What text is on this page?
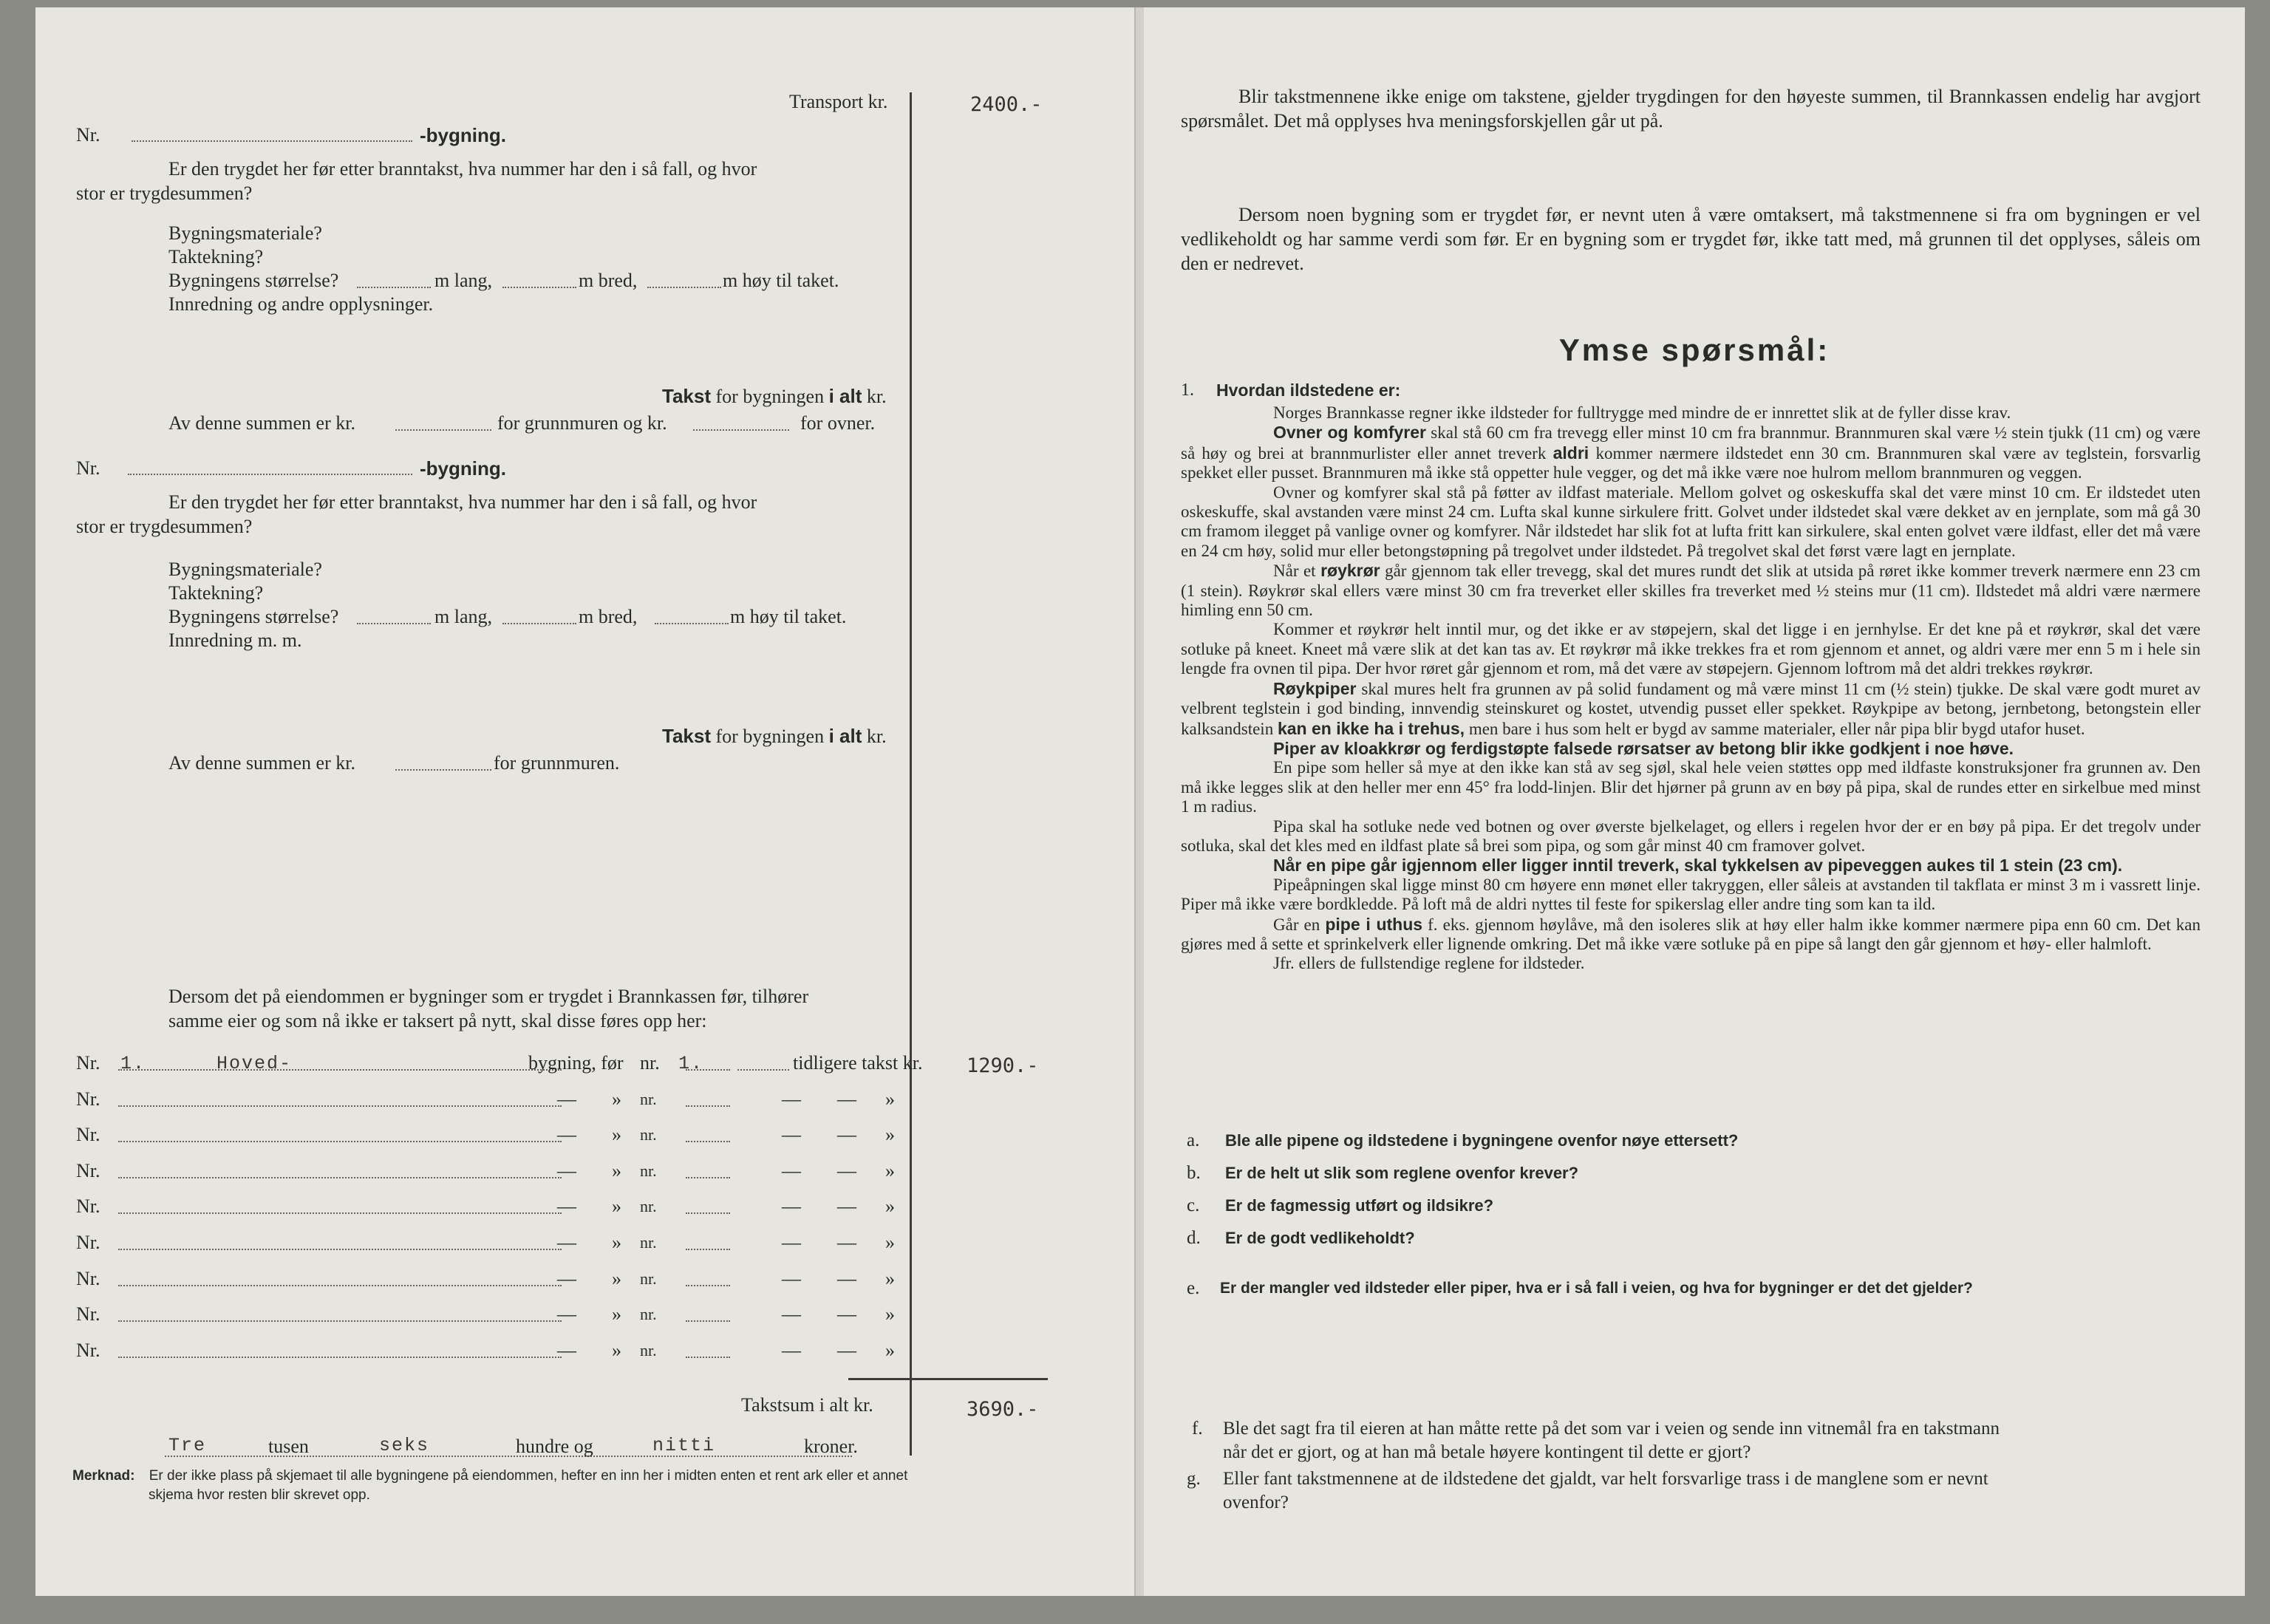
Transport kr.	2400.-
Nr.	-bygning.
Er den trygdet her før etter branntakst, hva nummer har den i så fall, og hvor
stor er trygdesummen?
Bygningsmateriale?
Taktekning?
Bygningens størrelse?	m lang,	m bred,	m høy til taket.
Innredning og andre opplysninger.
Takst for bygningen i alt kr.
Av denne summen er kr.	for grunnmuren og kr.	for ovner.
Nr.	-bygning.
Er den trygdet her før etter branntakst, hva nummer har den i så fall, og hvor
stor er trygdesummen?
Bygningsmateriale?
Taktekning?
Bygningens størrelse?	m lang,	m bred,	m høy til taket.
Innredning m. m.
Takst for bygningen i alt kr.
Av denne summen er kr.	for grunnmuren.
Dersom det på eiendommen er bygninger som er trygdet i Brannkassen før, tilhører
samme eier og som nå ikke er taksert på nytt, skal disse føres opp her:
Nr. 1.	Hoved-	bygning, før nr. 1.	tidligere takst kr. 1290.-
Nr.	— » nr.	— — »
Nr.	— » nr.	— — »
Nr.	— » nr.	— — »
Nr.	— » nr.	— — »
Nr.	— » nr.	— — »
Nr.	— » nr.	— — »
Nr.	— » nr.	— — »
Nr.	— » nr.	— — »
Takstsum i alt kr.	3690.-
Tre	tusen	seks	hundre og	nitti	kroner.
Merknad: Er der ikke plass på skjemaet til alle bygningene på eiendommen, hefter en inn her i midten enten et rent ark eller et annet
skjema hvor resten blir skrevet opp.
Blir takstmennene ikke enige om takstene, gjelder trygdingen for den høyeste summen, til Brannkassen endelig har avgjort spørsmålet. Det må opplyses hva meningsforskjellen går ut på.
Dersom noen bygning som er trygdet før, er nevnt uten å være omtaksert, må takstmennene si fra om bygningen er vel vedlikeholdt og har samme verdi som før. Er en bygning som er trygdet før, ikke tatt med, må grunnen til det opplyses, såleis om den er nedrevet.
Ymse spørsmål:
1. Hvordan ildstedene er:
Norges Brannkasse regner ikke ildsteder for fulltrygge med mindre de er innrettet slik at de fyller disse krav.
Ovner og komfyrer skal stå 60 cm fra trevegg eller minst 10 cm fra brannmur. Brannmuren skal være ½ stein tjukk (11 cm) og være så høy og brei at brannmurlister eller annet treverk aldri kommer nærmere ildstedet enn 30 cm. Brannmuren skal være av teglstein, forsvarlig spekket eller pusset. Brannmuren må ikke stå oppetter hule vegger, og det må ikke være noe hulrom mellom brannmuren og veggen.
Ovner og komfyrer skal stå på føtter av ildfast materiale. Mellom golvet og oskeskuffa skal det være minst 10 cm. Er ildstedet uten oskeskuffe, skal avstanden være minst 24 cm. Lufta skal kunne sirkulere fritt. Golvet under ildstedet skal være dekket av en jernplate, som må gå 30 cm framom ilegget på vanlige ovner og komfyrer. Når ildstedet har slik fot at lufta fritt kan sirkulere, skal enten golvet være ildfast, eller det må være en 24 cm høy, solid mur eller betongstøpning på tregolvet under ildstedet. På tregolvet skal det først være lagt en jernplate.
Når et røykrør går gjennom tak eller trevegg, skal det mures rundt det slik at utsida på røret ikke kommer treverk nærmere enn 23 cm (1 stein). Røykrør skal ellers være minst 30 cm fra treverket eller skilles fra treverket med ½ steins mur (11 cm). Ildstedet må aldri være nærmere himling enn 50 cm.
Kommer et røykrør helt inntil mur, og det ikke er av støpejern, skal det ligge i en jernhylse. Er det kne på et røykrør, skal det være sotluke på kneet. Kneet må være slik at det kan tas av. Et røykrør må ikke trekkes fra et rom gjennom et annet, og aldri være mer enn 5 m i hele sin lengde fra ovnen til pipa. Der hvor røret går gjennom et rom, må det være av støpejern. Gjennom loftrom må det aldri trekkes røykrør.
Røykpiper skal mures helt fra grunnen av på solid fundament og må være minst 11 cm (½ stein) tjukke. De skal være godt muret av velbrent teglstein i god binding, innvendig steinskuret og kostet, utvendig pusset eller spekket. Røykpipe av betong, jernbetong, betongstein eller kalksandstein kan en ikke ha i trehus, men bare i hus som helt er bygd av samme materialer, eller når pipa blir bygd utafor huset.
Piper av kloakkrør og ferdigstøpte falsede rørsatser av betong blir ikke godkjent i noe høve.
En pipe som heller så mye at den ikke kan stå av seg sjøl, skal hele veien støttes opp med ildfaste konstruksjoner fra grunnen av. Den må ikke legges slik at den heller mer enn 45° fra lodd-linjen. Blir det hjørner på grunn av en bøy på pipa, skal de rundes etter en sirkelbue med minst 1 m radius.
Pipa skal ha sotluke nede ved botnen og over øverste bjelkelaget, og ellers i regelen hvor der er en bøy på pipa. Er det tregolv under sotluka, skal det kles med en ildfast plate så brei som pipa, og som går minst 40 cm framover golvet.
Når en pipe går igjennom eller ligger inntil treverk, skal tykkelsen av pipeveggen aukes til 1 stein (23 cm).
Pipeåpningen skal ligge minst 80 cm høyere enn mønet eller takryggen, eller såleis at avstanden til takflata er minst 3 m i vassrett linje. Piper må ikke være bordkledde. På loft må de aldri nyttes til feste for spikerslag eller andre ting som kan ta ild.
Går en pipe i uthus f. eks. gjennom høylåve, må den isoleres slik at høy eller halm ikke kommer nærmere pipa enn 60 cm. Det kan gjøres med å sette et sprinkelverk eller lignende omkring. Det må ikke være sotluke på en pipe så langt den går gjennom et høy- eller halmloft.
Jfr. ellers de fullstendige reglene for ildsteder.
a. Ble alle pipene og ildstedene i bygningene ovenfor nøye ettersett?
b. Er de helt ut slik som reglene ovenfor krever?
c. Er de fagmessig utført og ildsikre?
d. Er de godt vedlikeholdt?
e. Er der mangler ved ildsteder eller piper, hva er i så fall i veien, og hva for bygninger er det det gjelder?
f. Ble det sagt fra til eieren at han måtte rette på det som var i veien og sende inn vitnemål fra en takstmann
når det er gjort, og at han må betale høyere kontingent til dette er gjort?
g. Eller fant takstmennene at de ildstedene det gjaldt, var helt forsvarlige trass i de manglene som er nevnt
ovenfor?
